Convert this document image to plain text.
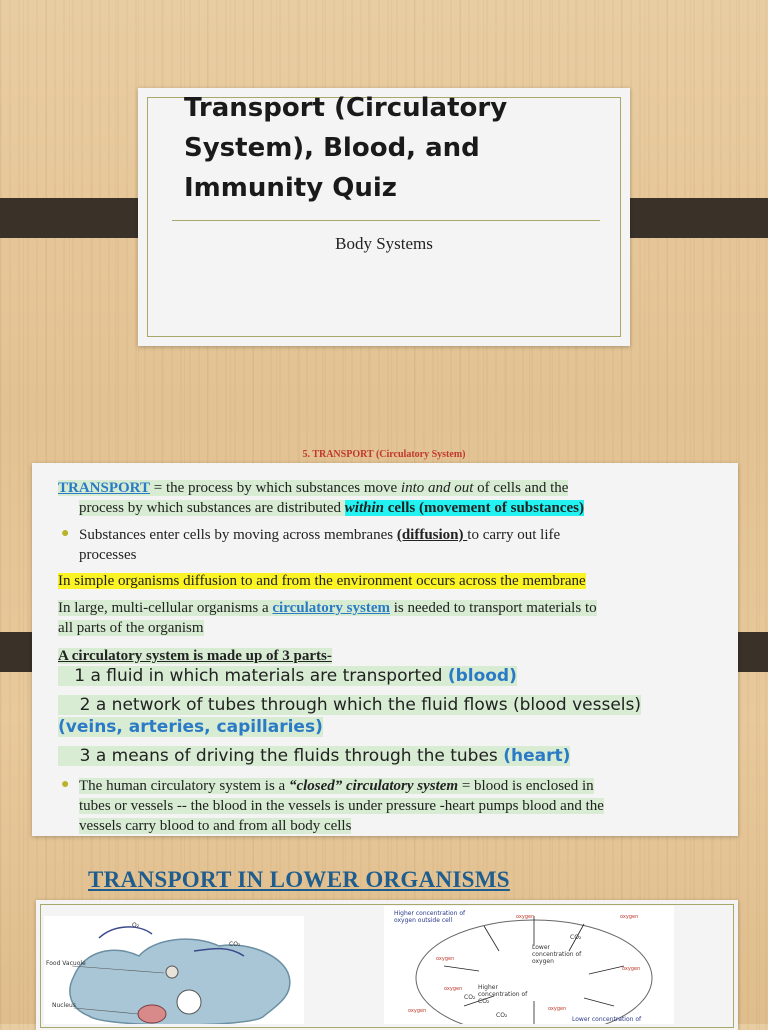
Transport (Circulatory System), Blood, and Immunity Quiz
Body Systems
5. TRANSPORT (Circulatory System)
TRANSPORT = the process by which substances move into and out of cells and the
process by which substances are distributed within cells (movement of substances)
● Substances enter cells by moving across membranes (diffusion) to carry out life
processes
In simple organisms diffusion to and from the environment occurs across the membrane
In large, multi-cellular organisms a circulatory system is needed to transport materials to
all parts of the organism
A circulatory system is made up of 3 parts-
1 a fluid in which materials are transported (blood)
2 a network of tubes through which the fluid flows (blood vessels)
(veins, arteries, capillaries)
3 a means of driving the fluids through the tubes (heart)
● The human circulatory system is a “closed” circulatory system = blood is enclosed in
tubes or vessels -- the blood in the vessels is under pressure -heart pumps blood and the
vessels carry blood to and from all body cells
TRANSPORT IN LOWER ORGANISMS
O₂
CO₂
Food Vacuole
Nucleus
Higher concentration of oxygen outside cell
Lower concentration of oxygen
Higher concentration of CO₂
Lower concentration of
oxygen	oxygen
oxygen
oxygen
oxygen
oxygen
oxygen
CO₂
CO₂
CO₂
